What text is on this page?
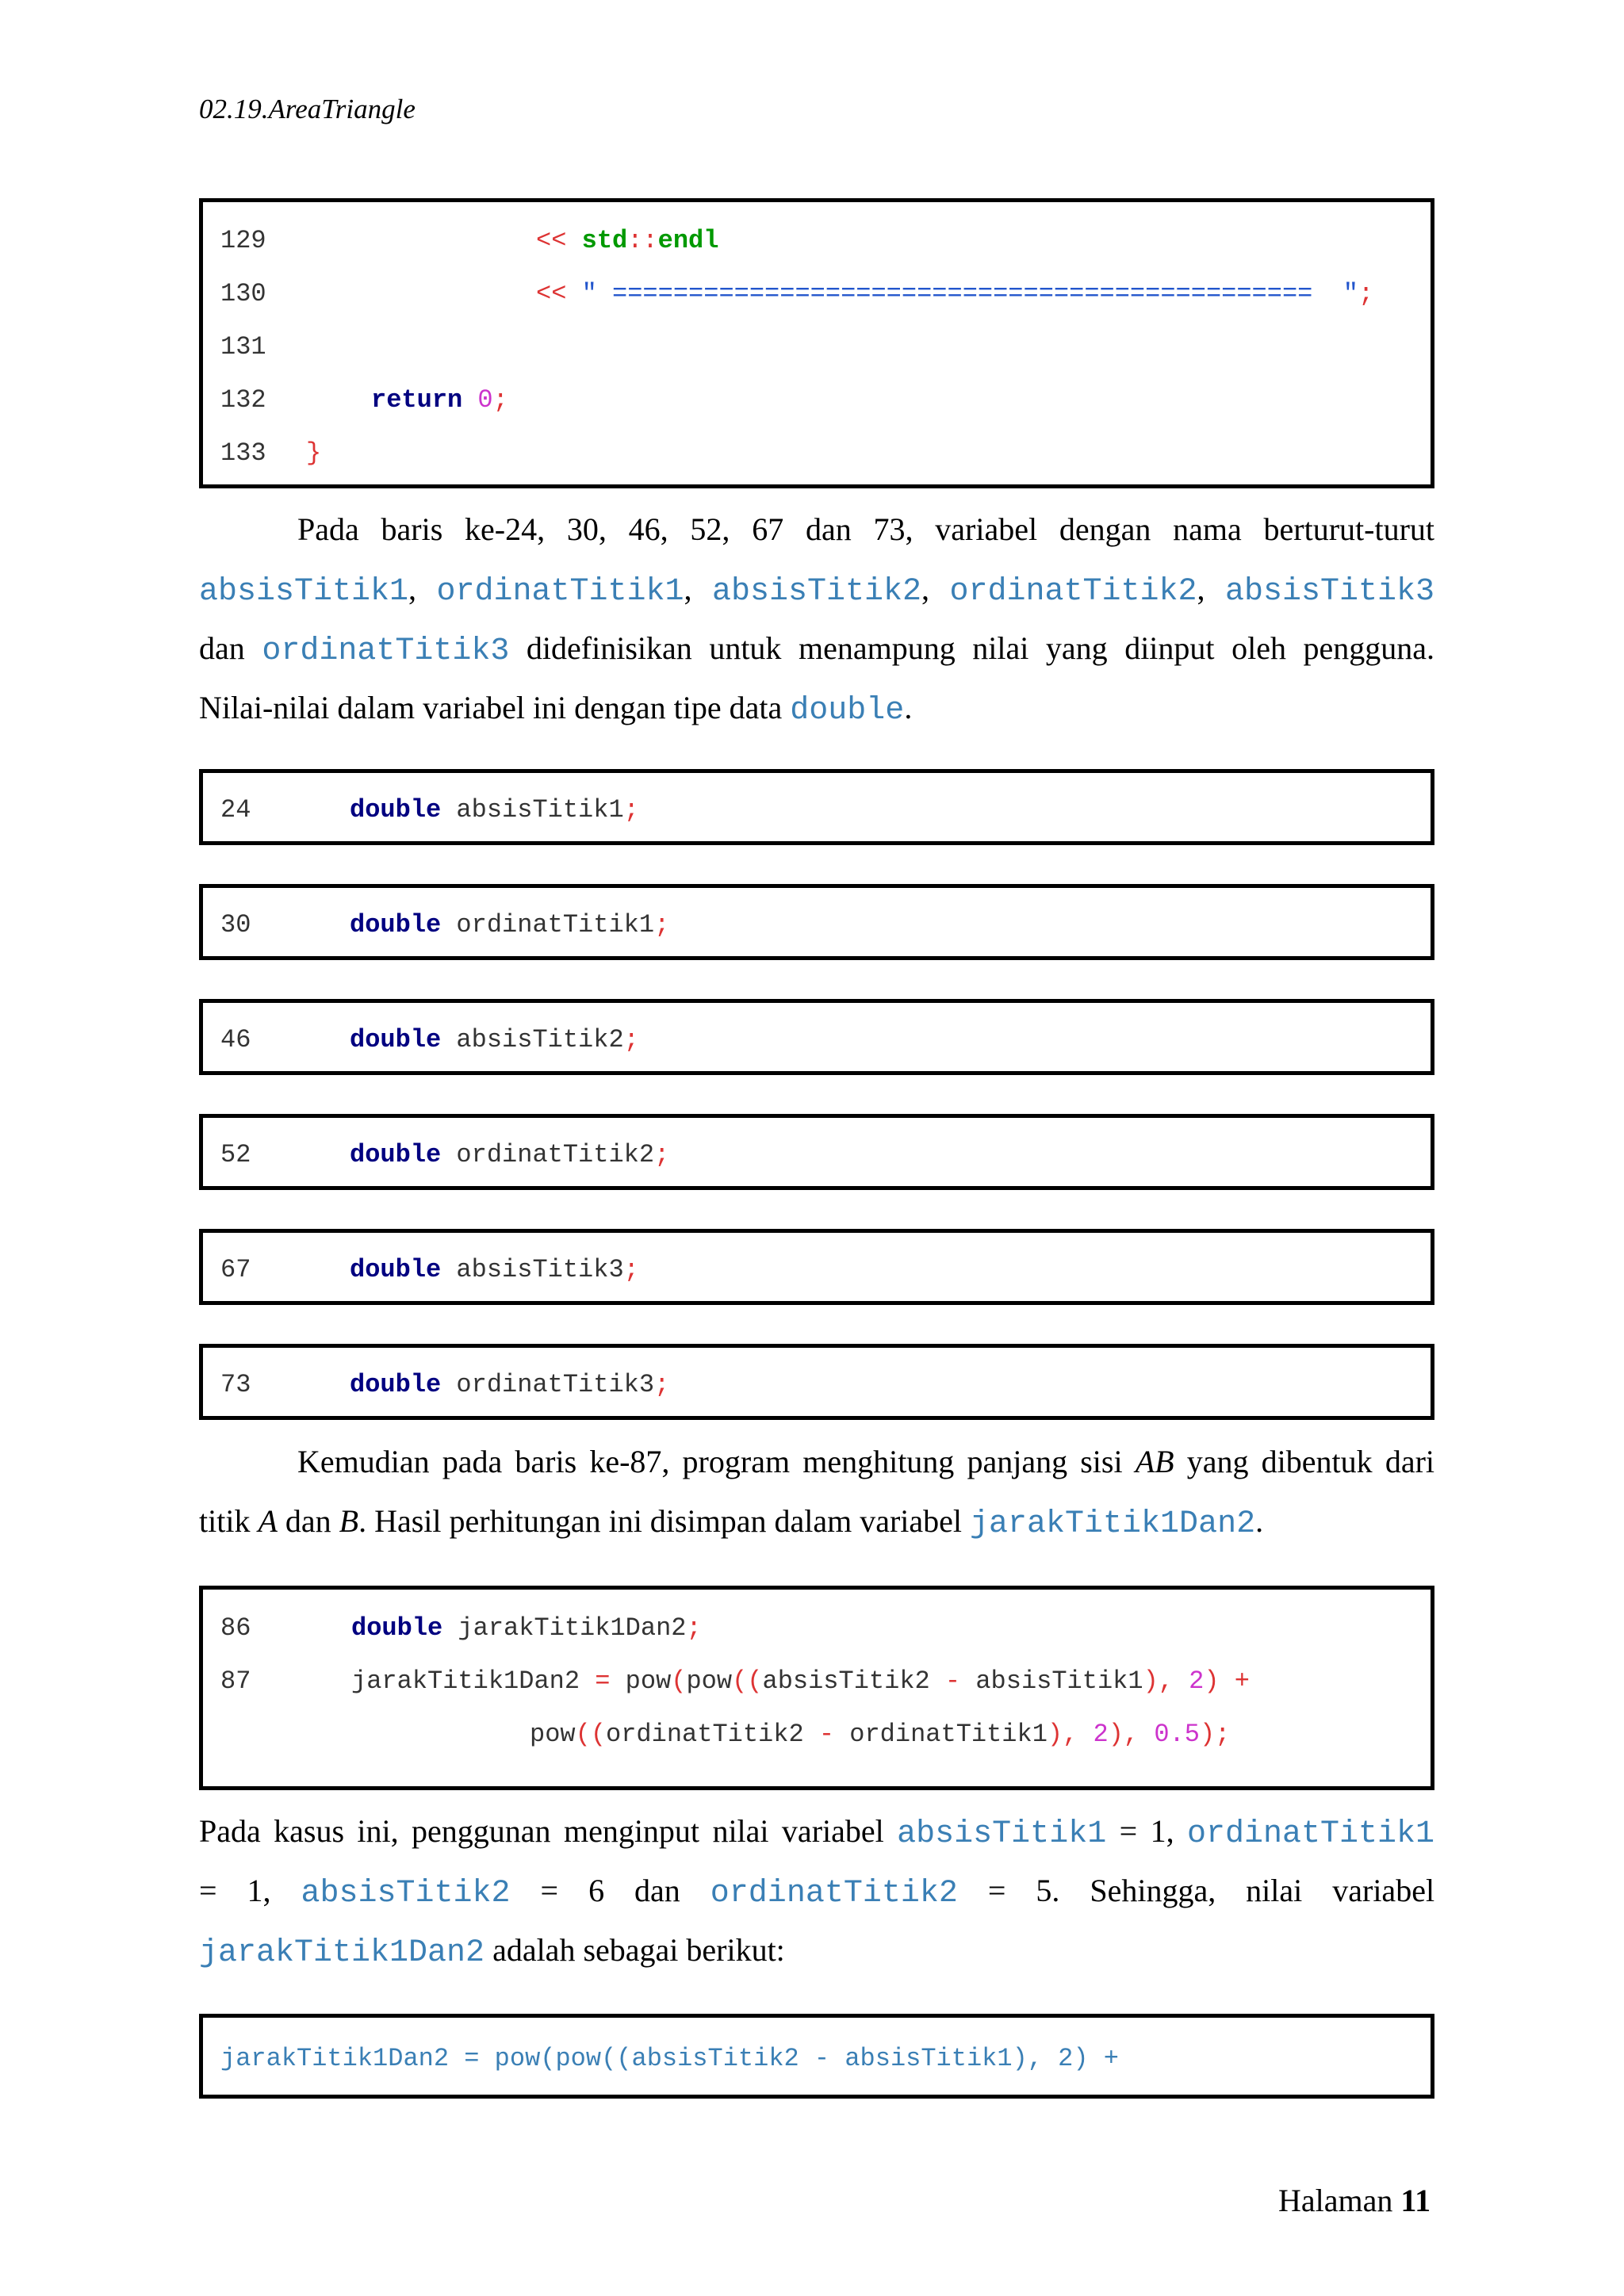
02.19.AreaTriangle
129	<< std::endl
130	<< " ============================================== ";
131
132	return 0;
133 }
Pada baris ke-24, 30, 46, 52, 67 dan 73, variabel dengan nama berturut-turut
absisTitik1, ordinatTitik1, absisTitik2, ordinatTitik2, absisTitik3
dan ordinatTitik3 didefinisikan untuk menampung nilai yang diinput oleh pengguna.
Nilai-nilai dalam variabel ini dengan tipe data double.
24	double absisTitik1;
30	double ordinatTitik1;
46	double absisTitik2;
52	double ordinatTitik2;
67	double absisTitik3;
73	double ordinatTitik3;
Kemudian pada baris ke-87, program menghitung panjang sisi AB yang dibentuk dari
titik A dan B. Hasil perhitungan ini disimpan dalam variabel jarakTitik1Dan2.
86	double jarakTitik1Dan2;
87	jarakTitik1Dan2 = pow(pow((absisTitik2 - absisTitik1), 2) +
pow((ordinatTitik2 - ordinatTitik1), 2), 0.5);
Pada kasus ini, penggunan menginput nilai variabel absisTitik1 = 1, ordinatTitik1
= 1, absisTitik2 = 6 dan ordinatTitik2 = 5. Sehingga, nilai variabel
jarakTitik1Dan2 adalah sebagai berikut:
jarakTitik1Dan2 = pow(pow((absisTitik2 - absisTitik1), 2) +
Halaman 11
